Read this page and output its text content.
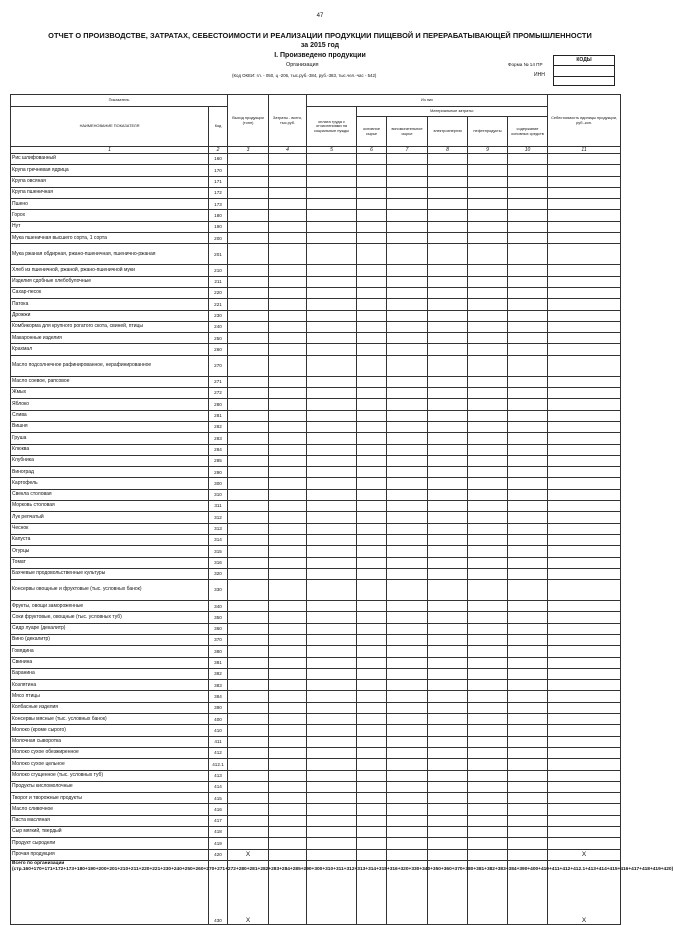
47
ОТЧЕТ О ПРОИЗВОДСТВЕ, ЗАТРАТАХ, СЕБЕСТОИМОСТИ И РЕАЛИЗАЦИИ ПРОДУКЦИИ ПИЩЕВОЙ И ПЕРЕРАБАТЫВАЮЩЕЙ ПРОМЫШЛЕННОСТИ
за 2015 год
I. Произведено продукции
Организация
(Код ОКЕИ: гл. - 050, ц -206, тыс.руб.-384, руб.-383, тыс.чел.-час - 542)
Форма № 14 ПР
ИНН
КОДЫ
Показатель		Выход продукции (тонн)	Затраты - всего, тыс.руб.	Из них						Себестоимость единицы продукции, руб.-коп.
НАИМЕНОВАНИЕ ПОКАЗАТЕЛЯ	Код			оплата труда с отчислениями на социальные нужды	Материальные затраты:					
					основное сырье	вспомогательное сырье	электроэнергия	нефтепродукты	содержание основных средств	
1	2	3	4	5	6	7	8	9	10	11
Рис шлифованный	160									
Крупа гречневая ядрица	170									
Крупа овсяная	171									
Крупа пшеничная	172									
Пшено	173									
Горох	180									
Нут	190									
Мука пшеничная высшего сорта, 1 сорта	200									
Мука ржаная обдирная, ржано-пшеничная, пшенично-ржаная	201									
Хлеб из пшеничной, ржаной, ржано-пшеничной муки	210									
Изделия сдобные хлебобулочные	211									
Сахар-песок	220									
Патока	221									
Дрожжи	230									
Комбикорма для крупного рогатого скота, свиней, птицы	240									
Макаронные изделия	250									
Крахмал	260									
Масло подсолнечное рафинированное, нерафинированное	270									
Масло соевое, рапсовое	271									
Жмых	272									
Яблоко	280									
Слива	281									
Вишня	282									
Груша	283									
Клюква	284									
Клубника	285									
Виноград	290									
Картофель	300									
Свекла столовая	310									
Морковь столовая	311									
Лук репчатый	312									
Чеснок	313									
Капуста	314									
Огурцы	315									
Томат	316									
Бахчевые продовольственные культуры	320									
Консервы овощные и фруктовые (тыс. условных банок)	330									
Фрукты, овощи замороженные	340									
Соки фруктовые, овощные (тыс. условных туб)	350									
Сидр луаре (декалитр)	360									
Вино (декалитр)	370									
Говядина	380									
Свинина	381									
Баранина	382									
Козлятина	383									
Мясо птицы	384									
Колбасные изделия	390									
Консервы мясные (тыс. условных банок)	400									
Молоко (кроме сырого)	410									
Молочная сыворотка	411									
Молоко сухое обезжиренное	412									
Молоко сухое цельное	412.1									
Молоко сгущенное (тыс. условных туб)	413									
Продукты кисломолочные	414									
Творог и творожные продукты	415									
Масло сливочное	416									
Паста масляная	417									
Сыр мягкий, твердый	418									
Продукт сыродели	419									
Прочая продукция	420	X								X
Всего по организации (стр.160+170+171+172+173+180+190+200+201+210+211+220+221+230+240+250+260+270+271+272+280+281+282+283+284+285+290+300+310+311+312+313+314+315+316+320+330+340+350+360+370+380+381+382+383+384+390+400+410+411+412+412.1+413+414+415+416+417+418+419+420)	430	X								X
